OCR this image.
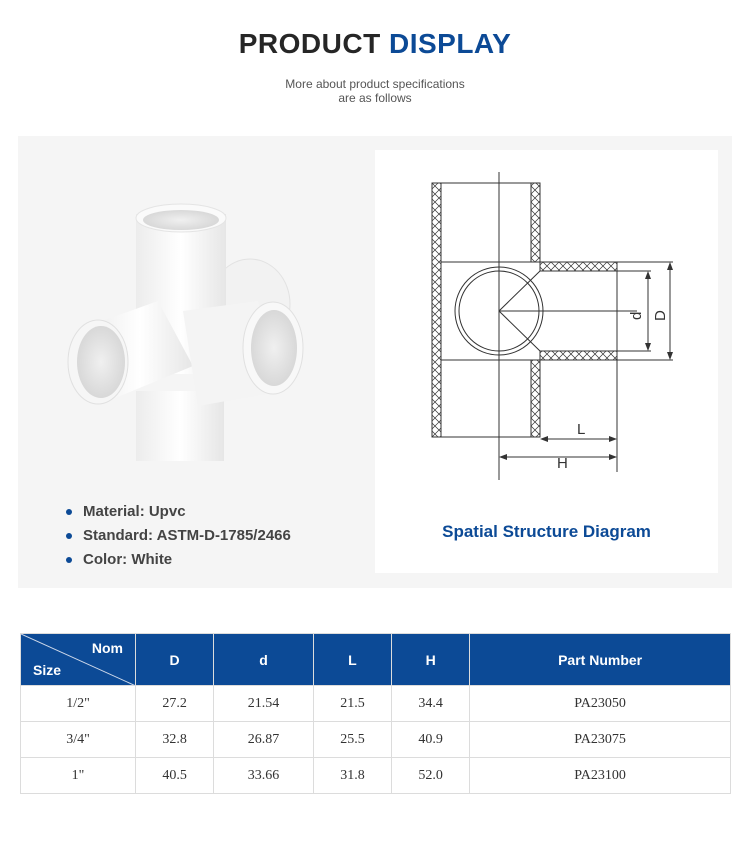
PRODUCT DISPLAY
More about product specifications
are as follows
Material: Upvc
Standard: ASTM-D-1785/2466
Color: White
d D
L
H
Spatial Structure Diagram
Nom
Size	D	d	L	H	Part Number
1/2"	27.2	21.54	21.5	34.4	PA23050
3/4"	32.8	26.87	25.5	40.9	PA23075
1"	40.5	33.66	31.8	52.0	PA23100
